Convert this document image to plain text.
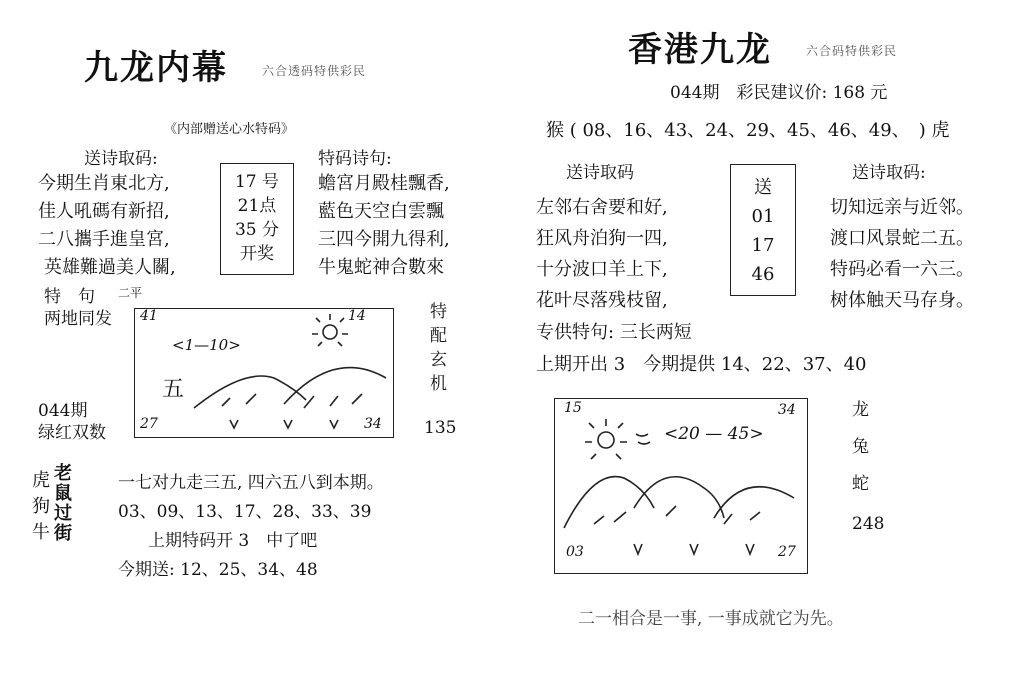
九龙内幕	六合透码特供彩民
《内部赠送心水特码》
送诗取码:
今期生肖東北方,
佳人吼碼有新招,
二八攜手進皇宮,
英雄難過美人關,
17 号
21点
35 分
开奖
特码诗句:
蟾宮月殿桂飄香,
藍色天空白雲飄
三四今開九得利,
牛鬼蛇神合數來
特　句 二平
两地同发 41	14
27	34
<1—10>
五
特
配
玄
机
044期
绿红双数	135
虎
狗
牛
老
鼠
过
街
一七对九走三五, 四六五八到本期。
03、09、13、17、28、33、39
上期特码开 3　中了吧
今期送: 12、25、34、48
香港九龙	六合码特供彩民
044期　彩民建议价: 168 元
猴 ( 08、16、43、24、29、45、46、49、　) 虎
送诗取码
左邻右舍要和好,
狂风舟泊狗一四,
十分波口羊上下,
花叶尽落残枝留,
送
01
17
46
送诗取码:
切知远亲与近邻。
渡口风景蛇二五。
特码必看一六三。
树体触天马存身。
专供特句: 三长两短
上期开出 3　今期提供 14、22、37、40
15	34
03	27
<20 — 45>
龙
兔
蛇
248
二一相合是一事, 一事成就它为先。
